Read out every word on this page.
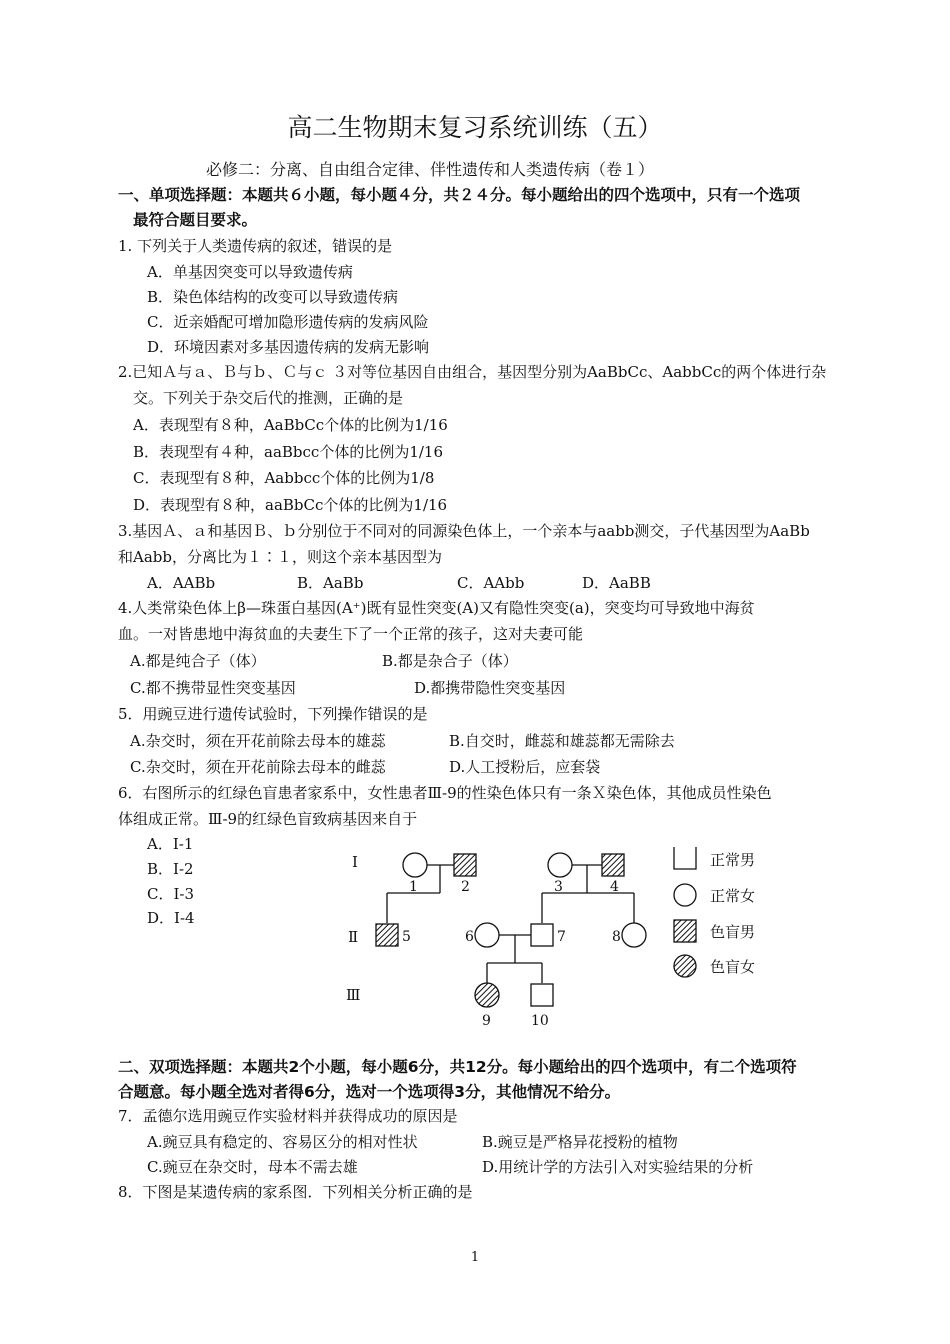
高二生物期末复习系统训练（五）
必修二：分离、自由组合定律、伴性遗传和人类遗传病（卷１）
一、单项选择题：本题共６小题，每小题４分，共２４分。每小题给出的四个选项中，只有一个选项
最符合题目要求。
1. 下列关于人类遗传病的叙述，错误的是
A．单基因突变可以导致遗传病
B．染色体结构的改变可以导致遗传病
C．近亲婚配可增加隐形遗传病的发病风险
D．环境因素对多基因遗传病的发病无影响
2.已知Ａ与ａ、Ｂ与ｂ、Ｃ与ｃ ３对等位基因自由组合，基因型分别为AaBbCc、AabbCc的两个体进行杂
交。下列关于杂交后代的推测，正确的是
A．表现型有８种，AaBbCc个体的比例为1/16
B．表现型有４种，aaBbcc个体的比例为1/16
C．表现型有８种，Aabbcc个体的比例为1/8
D．表现型有８种，aaBbCc个体的比例为1/16
3.基因Ａ、ａ和基因Ｂ、ｂ分别位于不同对的同源染色体上，一个亲本与aabb测交，子代基因型为AaBb
和Aabb，分离比为１∶１，则这个亲本基因型为
A．AABb	B．AaBb	C．AAbb	D．AaBB
4.人类常染色体上β—珠蛋白基因(A⁺)既有显性突变(A)又有隐性突变(a)，突变均可导致地中海贫
血。一对皆患地中海贫血的夫妻生下了一个正常的孩子，这对夫妻可能
A.都是纯合子（体）	B.都是杂合子（体）
C.都不携带显性突变基因	D.都携带隐性突变基因
5．用豌豆进行遗传试验时，下列操作错误的是
A.杂交时，须在开花前除去母本的雄蕊	B.自交时，雌蕊和雄蕊都无需除去
C.杂交时，须在开花前除去母本的雌蕊	D.人工授粉后，应套袋
6．右图所示的红绿色盲患者家系中，女性患者Ⅲ-9的性染色体只有一条Ｘ染色体，其他成员性染色
体组成正常。Ⅲ-9的红绿色盲致病基因来自于
A．Ⅰ-1
B．Ⅰ-2
C．Ⅰ-3
D．Ⅰ-4
Ⅰ
Ⅱ
Ⅲ
1	2	3	4
5	6	7	8
9	10
正常男
正常女
色盲男
色盲女
二、双项选择题：本题共2个小题，每小题6分，共12分。每小题给出的四个选项中，有二个选项符
合题意。每小题全选对者得6分，选对一个选项得3分，其他情况不给分。
7．孟德尔选用豌豆作实验材料并获得成功的原因是
A.豌豆具有稳定的、容易区分的相对性状	B.豌豆是严格异花授粉的植物
C.豌豆在杂交时，母本不需去雄	D.用统计学的方法引入对实验结果的分析
8．下图是某遗传病的家系图．下列相关分析正确的是
1
